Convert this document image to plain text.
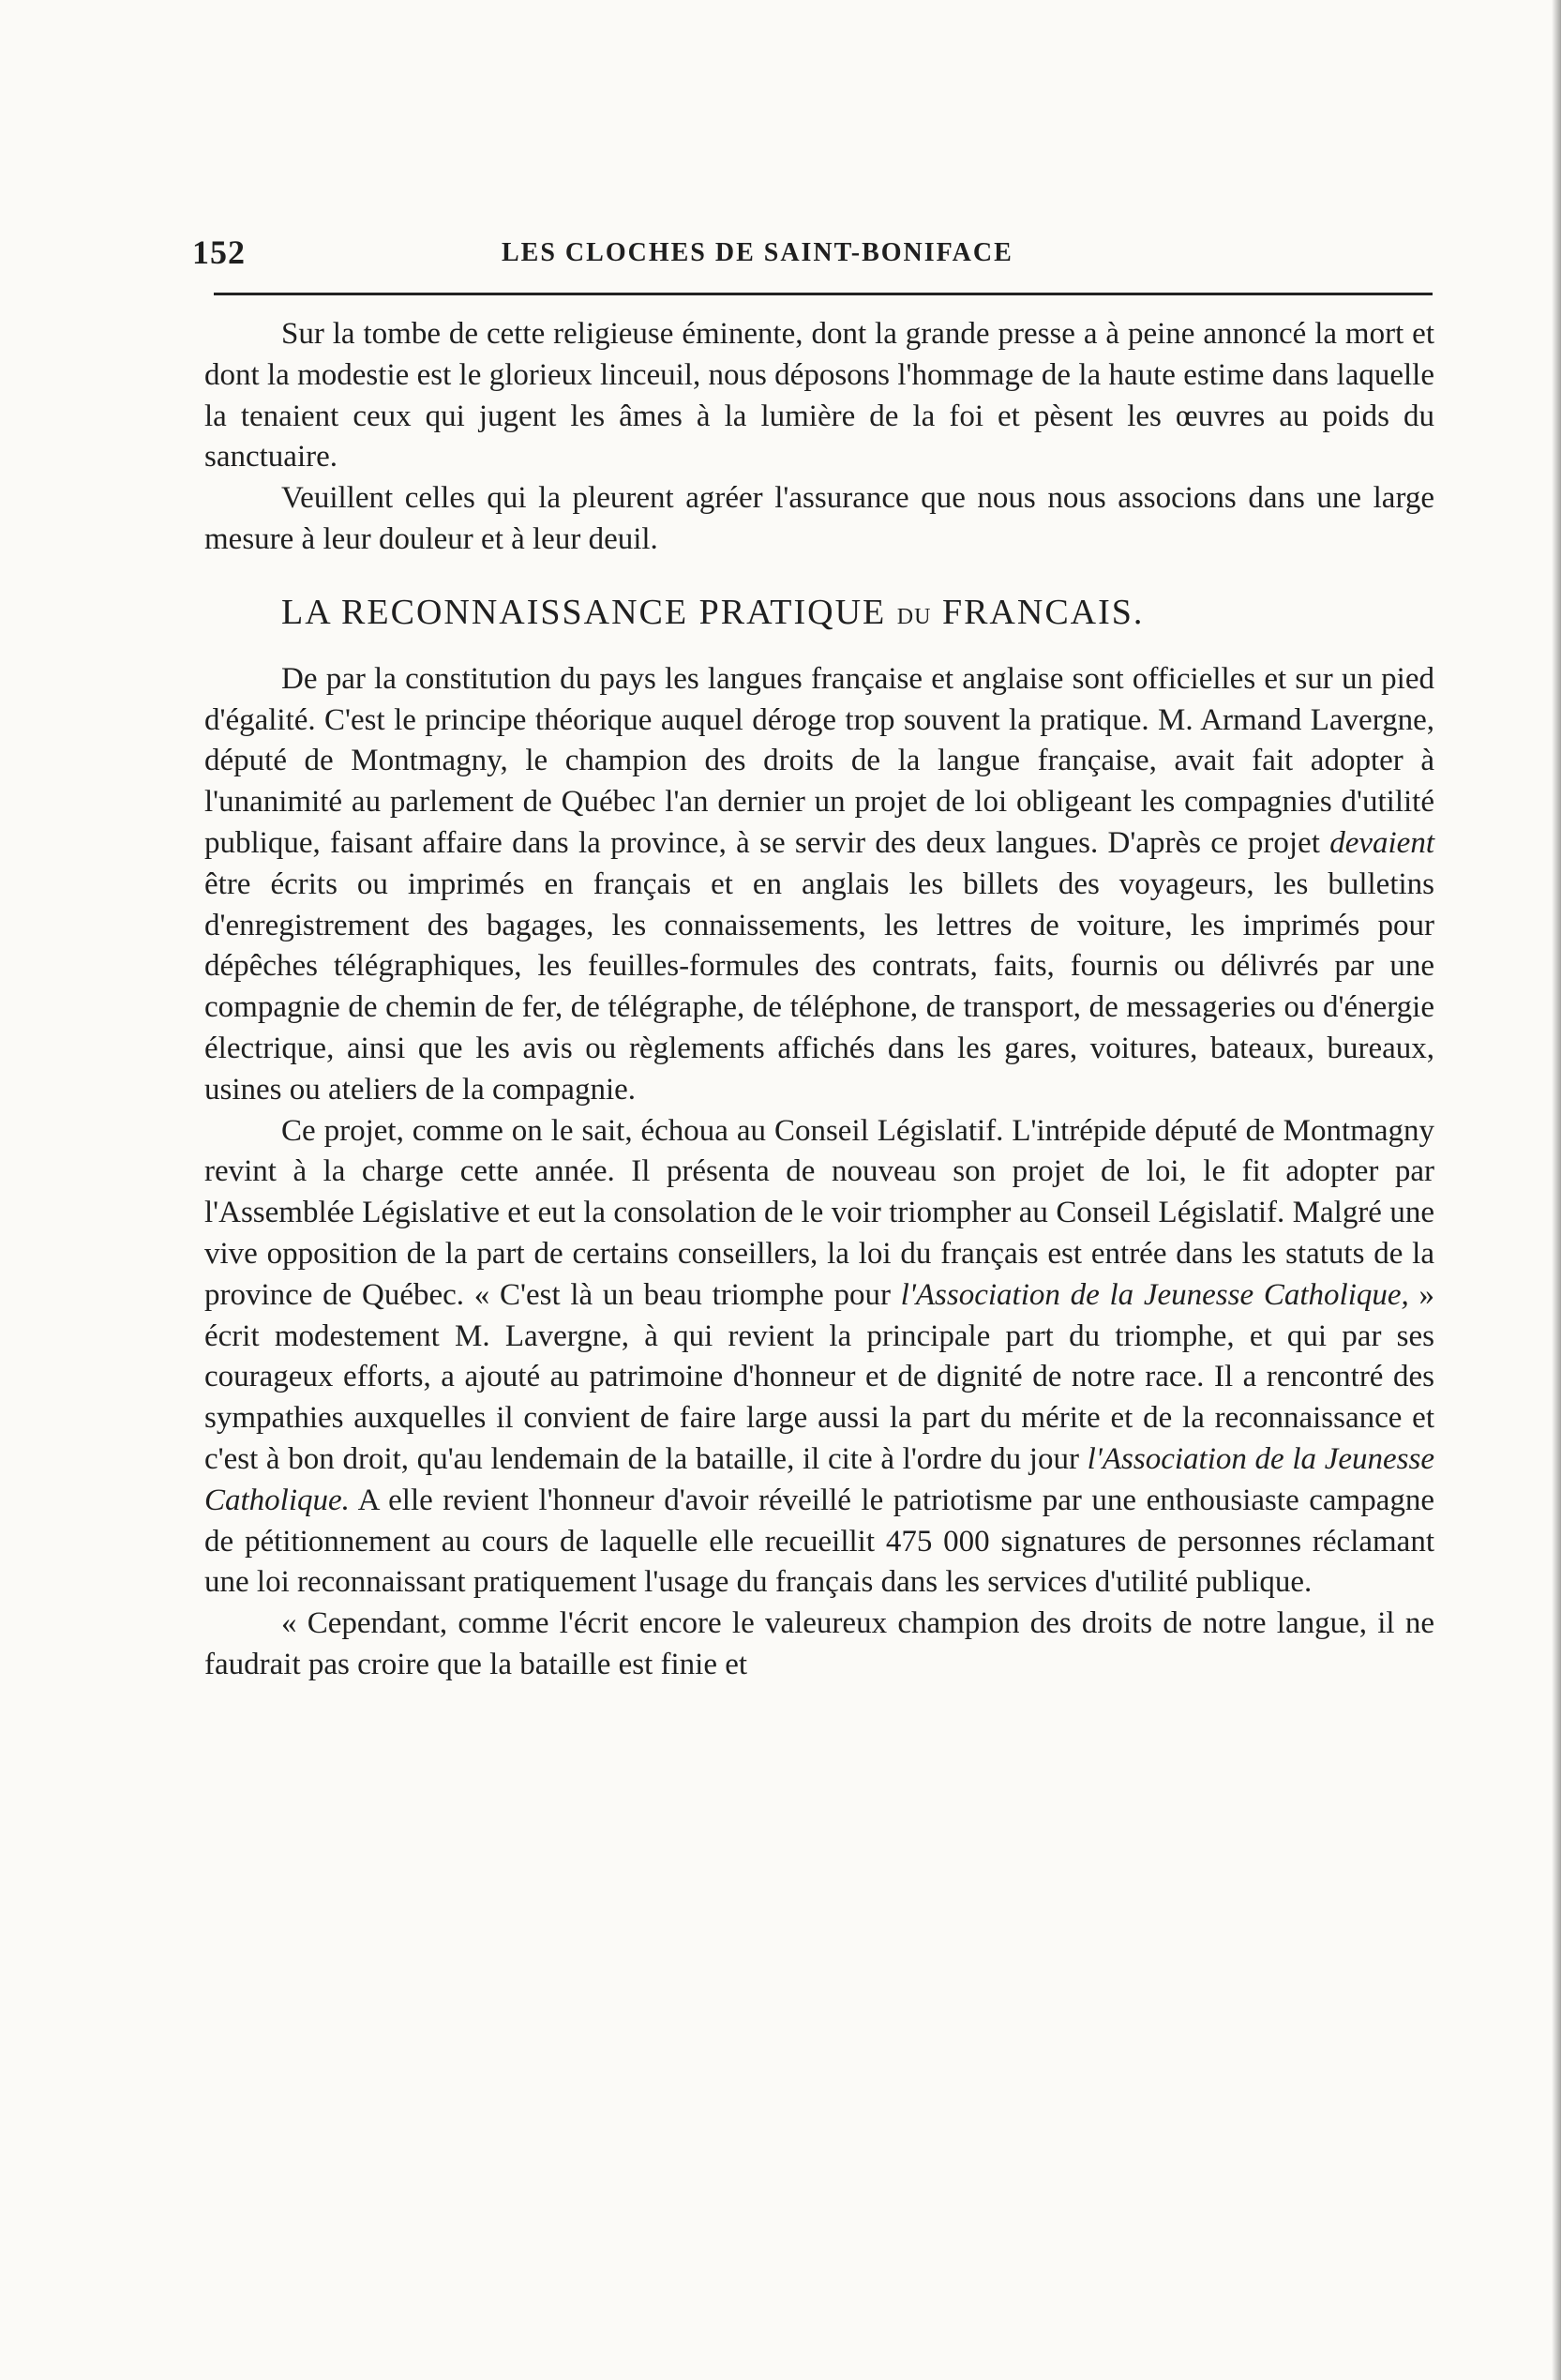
152	LES CLOCHES DE SAINT-BONIFACE

Sur la tombe de cette religieuse éminente, dont la grande presse a à peine annoncé la mort et dont la modestie est le glorieux linceuil, nous déposons l'hommage de la haute estime dans laquelle la tenaient ceux qui jugent les âmes à la lumière de la foi et pèsent les œuvres au poids du sanctuaire.

Veuillent celles qui la pleurent agréer l'assurance que nous nous associons dans une large mesure à leur douleur et à leur deuil.

LA RECONNAISSANCE PRATIQUE DU FRANCAIS.

De par la constitution du pays les langues française et anglaise sont officielles et sur un pied d'égalité. C'est le principe théorique auquel déroge trop souvent la pratique. M. Armand Lavergne, député de Montmagny, le champion des droits de la langue française, avait fait adopter à l'unanimité au parlement de Québec l'an dernier un projet de loi obligeant les compagnies d'utilité publique, faisant affaire dans la province, à se servir des deux langues. D'après ce projet devaient être écrits ou imprimés en français et en anglais les billets des voyageurs, les bulletins d'enregistrement des bagages, les connaissements, les lettres de voiture, les imprimés pour dépêches télégraphiques, les feuilles-formules des contrats, faits, fournis ou délivrés par une compagnie de chemin de fer, de télégraphe, de téléphone, de transport, de messageries ou d'énergie électrique, ainsi que les avis ou règlements affichés dans les gares, voitures, bateaux, bureaux, usines ou ateliers de la compagnie.

Ce projet, comme on le sait, échoua au Conseil Législatif. L'intrépide député de Montmagny revint à la charge cette année. Il présenta de nouveau son projet de loi, le fit adopter par l'Assemblée Législative et eut la consolation de le voir triompher au Conseil Législatif. Malgré une vive opposition de la part de certains conseillers, la loi du français est entrée dans les statuts de la province de Québec. « C'est là un beau triomphe pour l'Association de la Jeunesse Catholique, » écrit modestement M. Lavergne, à qui revient la principale part du triomphe, et qui par ses courageux efforts, a ajouté au patrimoine d'honneur et de dignité de notre race. Il a rencontré des sympathies auxquelles il convient de faire large aussi la part du mérite et de la reconnaissance et c'est à bon droit, qu'au lendemain de la bataille, il cite à l'ordre du jour l'Association de la Jeunesse Catholique. A elle revient l'honneur d'avoir réveillé le patriotisme par une enthousiaste campagne de pétitionnement au cours de laquelle elle recueillit 475 000 signatures de personnes réclamant une loi reconnaissant pratiquement l'usage du français dans les services d'utilité publique.

« Cependant, comme l'écrit encore le valeureux champion des droits de notre langue, il ne faudrait pas croire que la bataille est finie et
